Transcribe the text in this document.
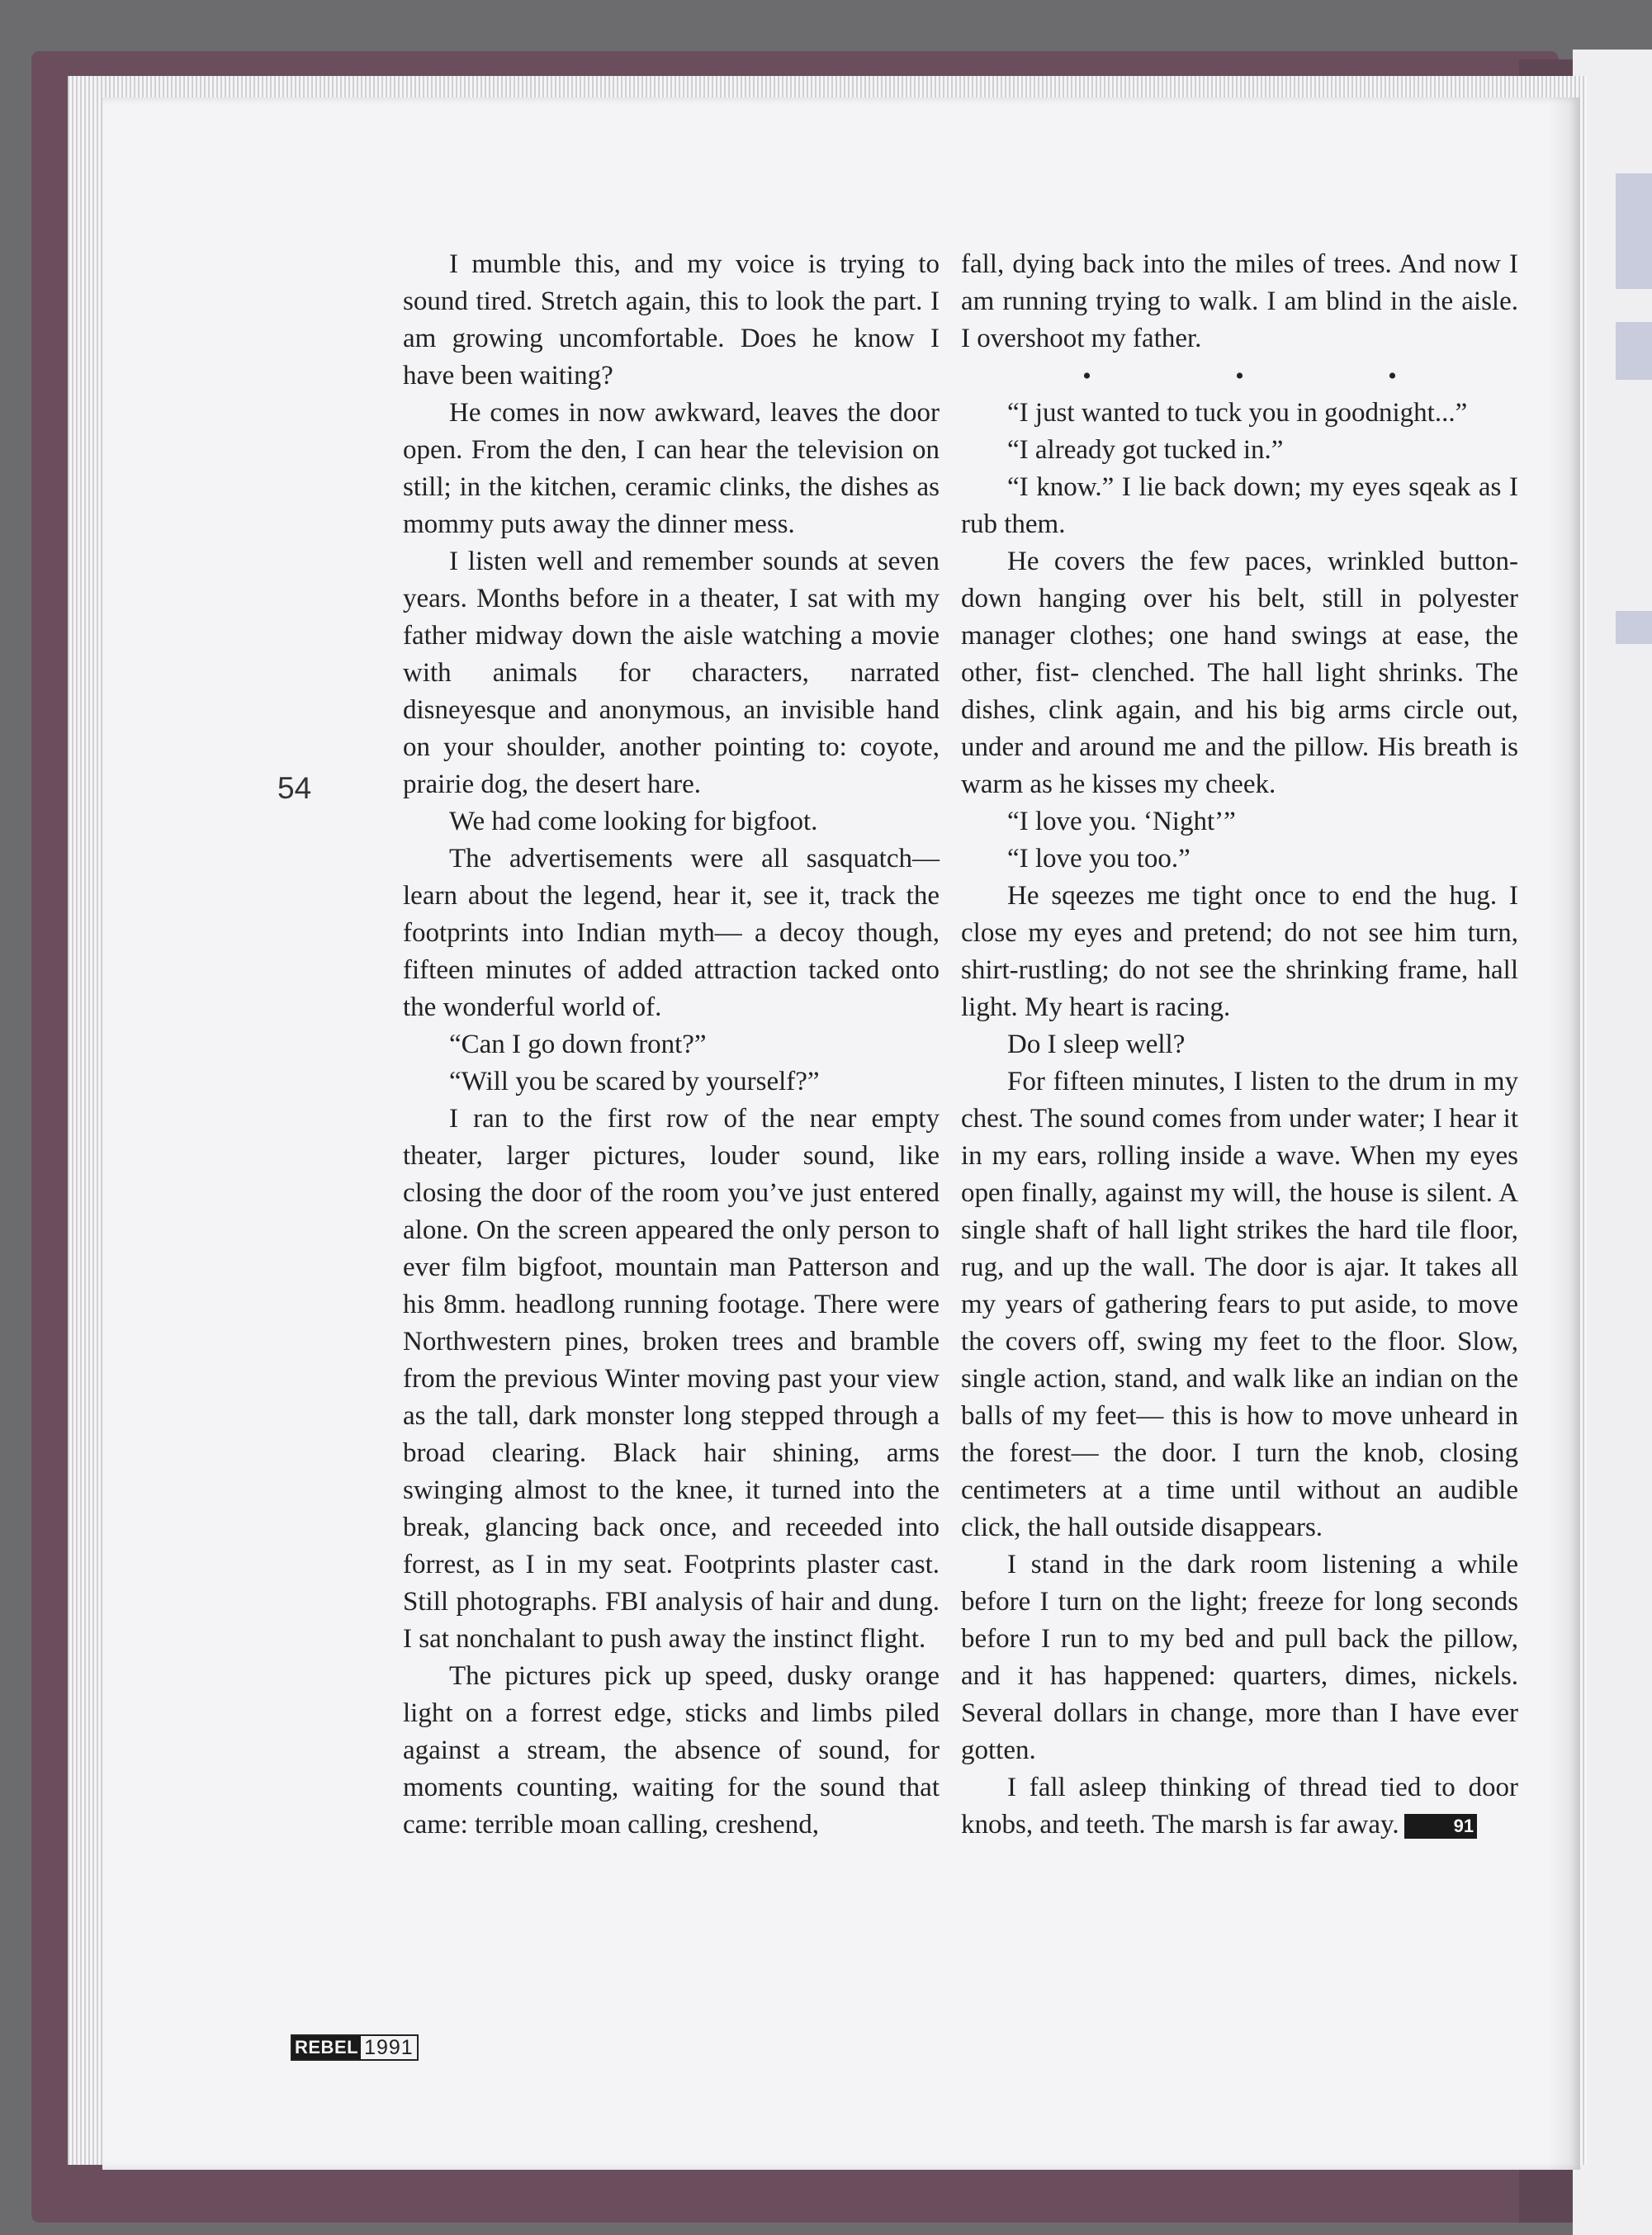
54

I mumble this, and my voice is trying to sound tired. Stretch again, this to look the part. I am growing uncomfortable. Does he know I have been waiting?

He comes in now awkward, leaves the door open. From the den, I can hear the television on still; in the kitchen, ceramic clinks, the dishes as mommy puts away the dinner mess.

I listen well and remember sounds at seven years. Months before in a theater, I sat with my father midway down the aisle watching a movie with animals for characters, narrated disneyesque and anonymous, an invisible hand on your shoulder, another pointing to: coyote, prairie dog, the desert hare.

We had come looking for bigfoot.

The advertisements were all sasquatch— learn about the legend, hear it, see it, track the footprints into Indian myth— a decoy though, fifteen minutes of added attraction tacked onto the wonderful world of.

“Can I go down front?”

“Will you be scared by yourself?”

I ran to the first row of the near empty theater, larger pictures, louder sound, like closing the door of the room you’ve just entered alone. On the screen appeared the only person to ever film bigfoot, mountain man Patterson and his 8mm. headlong running footage. There were Northwestern pines, broken trees and bramble from the previous Winter moving past your view as the tall, dark monster long stepped through a broad clearing. Black hair shining, arms swinging almost to the knee, it turned into the break, glancing back once, and receeded into forrest, as I in my seat. Footprints plaster cast. Still photographs. FBI analysis of hair and dung. I sat nonchalant to push away the instinct flight.

The pictures pick up speed, dusky orange light on a forrest edge, sticks and limbs piled against a stream, the absence of sound, for moments counting, waiting for the sound that came: terrible moan calling, creshend,

fall, dying back into the miles of trees. And now I am running trying to walk. I am blind in the aisle. I overshoot my father.

•	•	•

“I just wanted to tuck you in goodnight...”

“I already got tucked in.”

“I know.” I lie back down; my eyes sqeak as I rub them.

He covers the few paces, wrinkled button-down hanging over his belt, still in polyester manager clothes; one hand swings at ease, the other, fist- clenched. The hall light shrinks. The dishes, clink again, and his big arms circle out, under and around me and the pillow. His breath is warm as he kisses my cheek.

“I love you. ‘Night’”

“I love you too.”

He sqeezes me tight once to end the hug. I close my eyes and pretend; do not see him turn, shirt-rustling; do not see the shrinking frame, hall light. My heart is racing.

Do I sleep well?

For fifteen minutes, I listen to the drum in my chest. The sound comes from under water; I hear it in my ears, rolling inside a wave. When my eyes open finally, against my will, the house is silent. A single shaft of hall light strikes the hard tile floor, rug, and up the wall. The door is ajar. It takes all my years of gathering fears to put aside, to move the covers off, swing my feet to the floor. Slow, single action, stand, and walk like an indian on the balls of my feet— this is how to move unheard in the forest— the door. I turn the knob, closing centimeters at a time until without an audible click, the hall outside disappears.

I stand in the dark room listening a while before I turn on the light; freeze for long seconds before I run to my bed and pull back the pillow, and it has happened: quarters, dimes, nickels. Several dollars in change, more than I have ever gotten.

I fall asleep thinking of thread tied to door knobs, and teeth. The marsh is far away.	91

REBEL 1991
